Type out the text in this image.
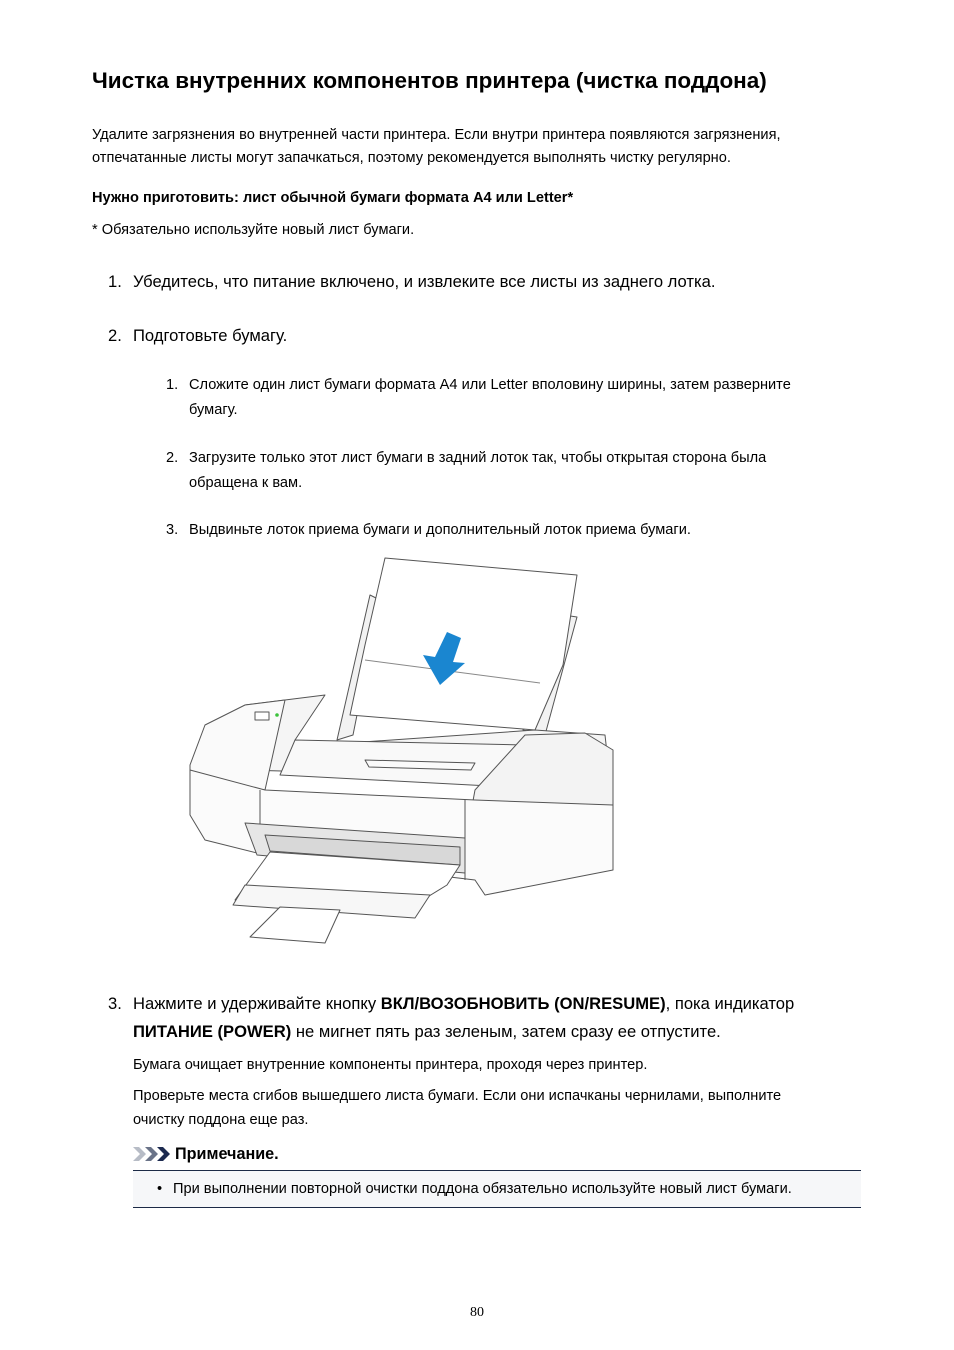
Чистка внутренних компонентов принтера (чистка поддона)
Удалите загрязнения во внутренней части принтера. Если внутри принтера появляются загрязнения,
отпечатанные листы могут запачкаться, поэтому рекомендуется выполнять чистку регулярно.
Нужно приготовить: лист обычной бумаги формата A4 или Letter*
* Обязательно используйте новый лист бумаги.
1. Убедитесь, что питание включено, и извлеките все листы из заднего лотка.
2. Подготовьте бумагу.
1. Сложите один лист бумаги формата A4 или Letter вполовину ширины, затем разверните
бумагу.
2. Загрузите только этот лист бумаги в задний лоток так, чтобы открытая сторона была
обращена к вам.
3. Выдвиньте лоток приема бумаги и дополнительный лоток приема бумаги.
3. Нажмите и удерживайте кнопку ВКЛ/ВОЗОБНОВИТЬ (ON/RESUME), пока индикатор
ПИТАНИЕ (POWER) не мигнет пять раз зеленым, затем сразу ее отпустите.
Бумага очищает внутренние компоненты принтера, проходя через принтер.
Проверьте места сгибов вышедшего листа бумаги. Если они испачканы чернилами, выполните
очистку поддона еще раз.
Примечание.
• При выполнении повторной очистки поддона обязательно используйте новый лист бумаги.
80
